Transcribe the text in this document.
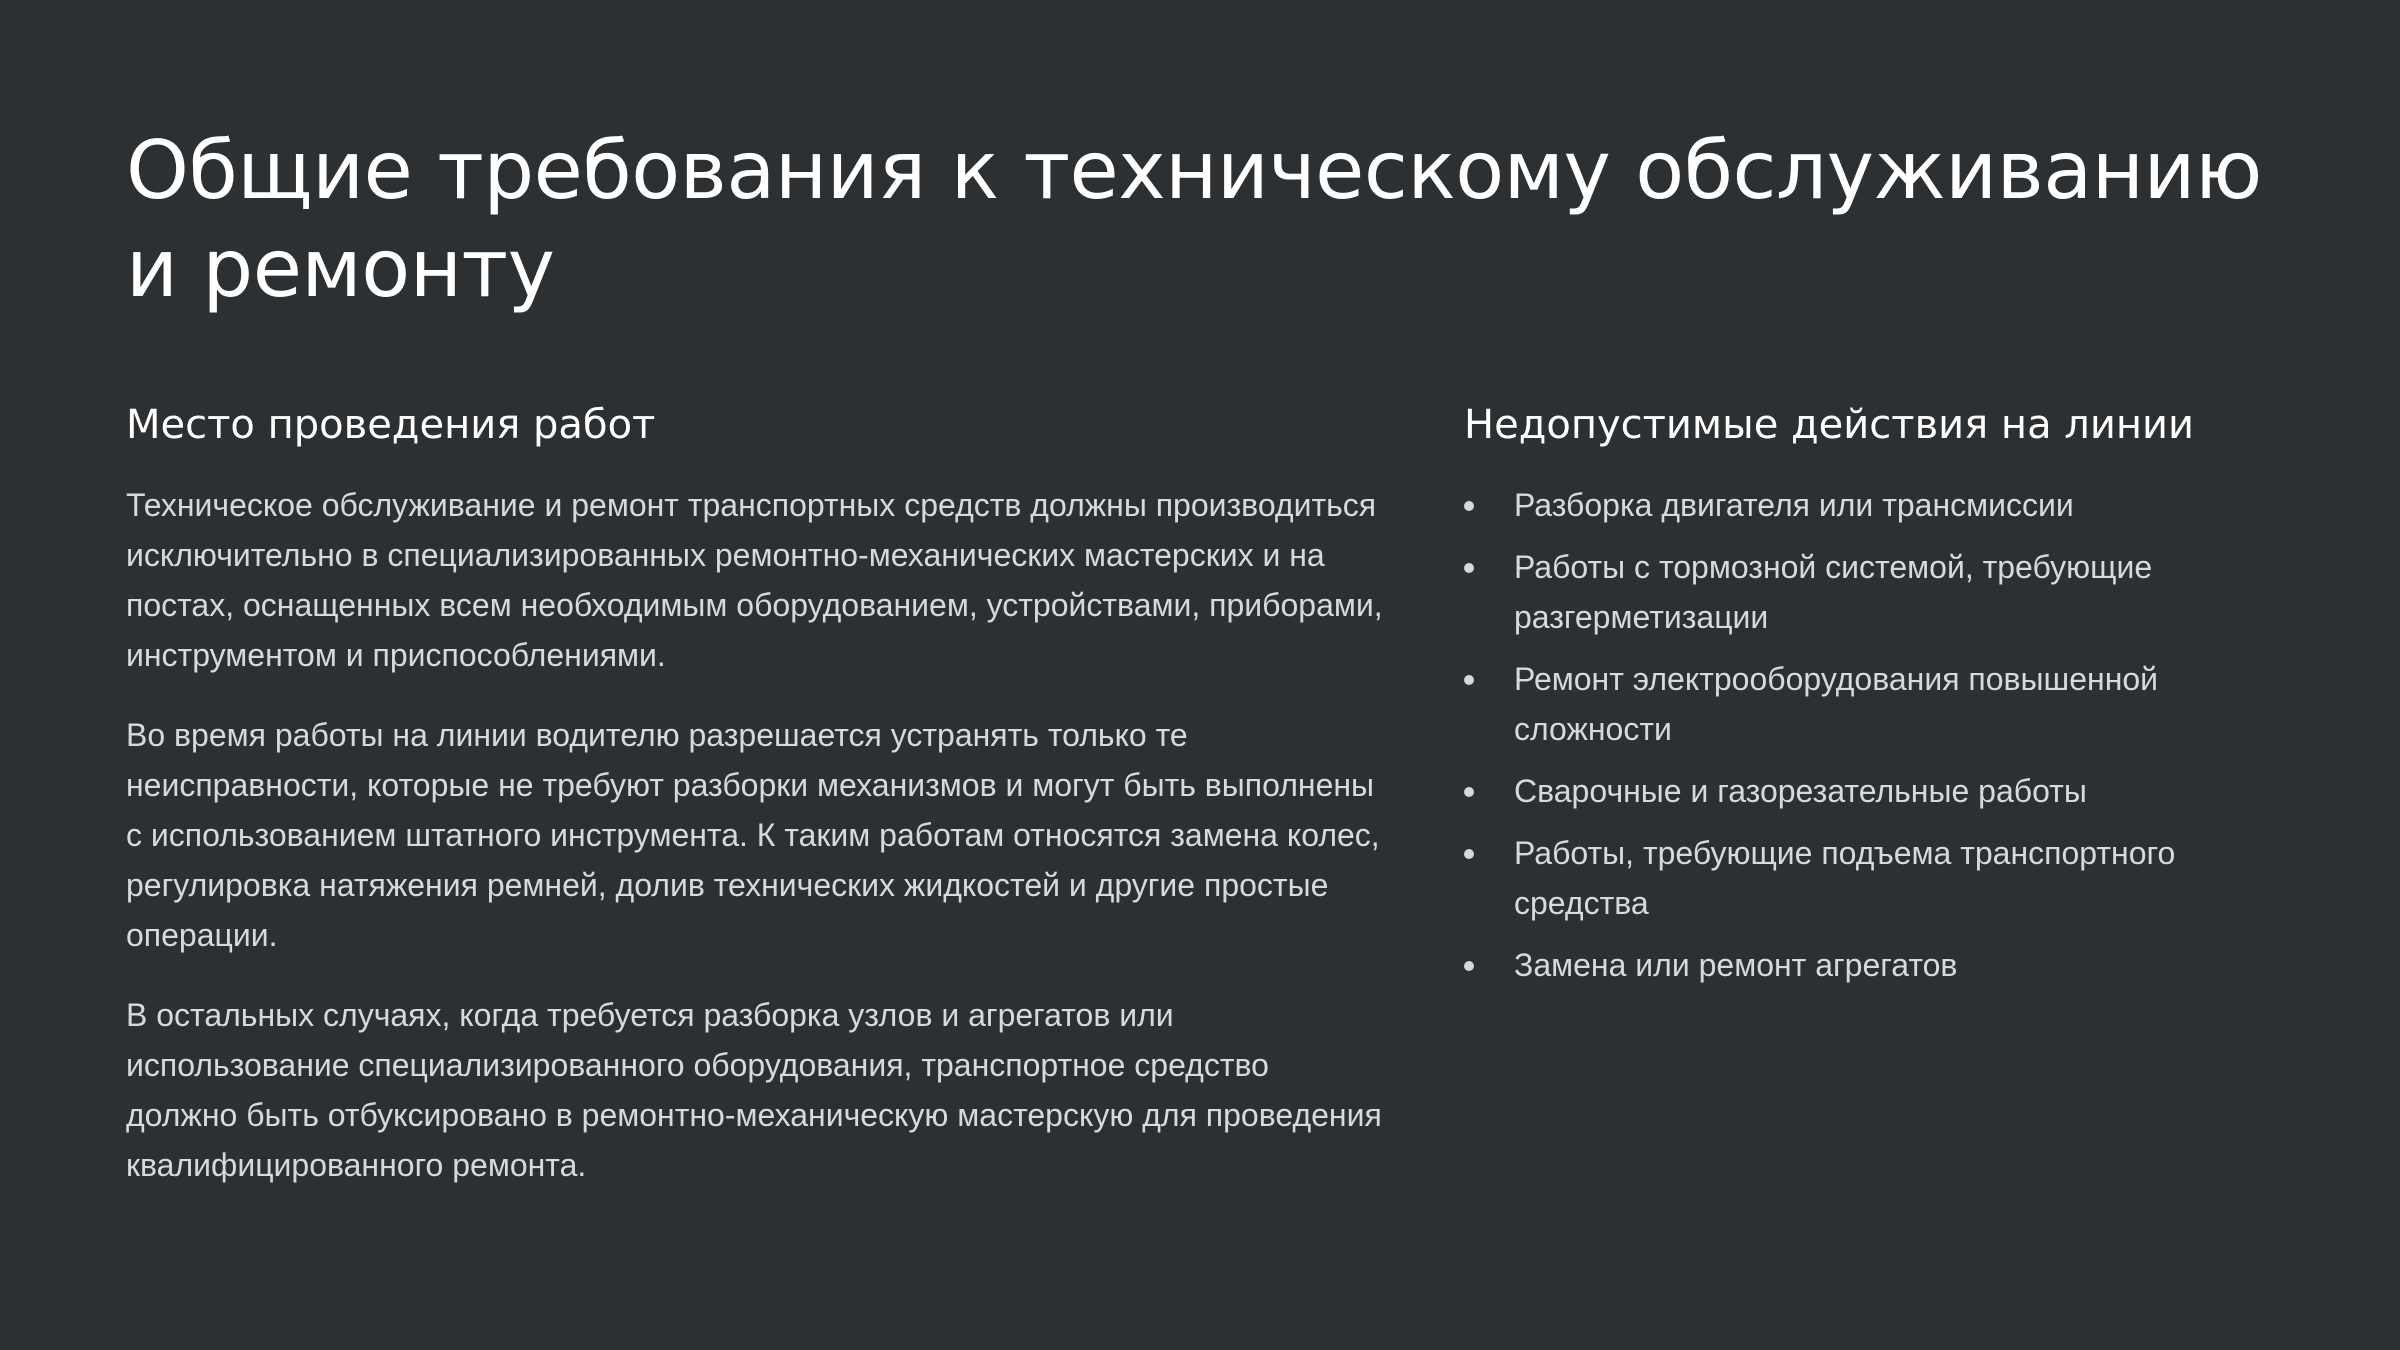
Общие требования к техническому обслуживанию и ремонту
Место проведения работ

Техническое обслуживание и ремонт транспортных средств должны производиться исключительно в специализированных ремонтно-механических мастерских и на постах, оснащенных всем необходимым оборудованием, устройствами, приборами, инструментом и приспособлениями.

Во время работы на линии водителю разрешается устранять только те неисправности, которые не требуют разборки механизмов и могут быть выполнены с использованием штатного инструмента. К таким работам относятся замена колес, регулировка натяжения ремней, долив технических жидкостей и другие простые операции.

В остальных случаях, когда требуется разборка узлов и агрегатов или использование специализированного оборудования, транспортное средство должно быть отбуксировано в ремонтно-механическую мастерскую для проведения квалифицированного ремонта.

Недопустимые действия на линии
Разборка двигателя или трансмиссии
Работы с тормозной системой, требующие разгерметизации
Ремонт электрооборудования повышенной сложности
Сварочные и газорезательные работы
Работы, требующие подъема транспортного средства
Замена или ремонт агрегатов
